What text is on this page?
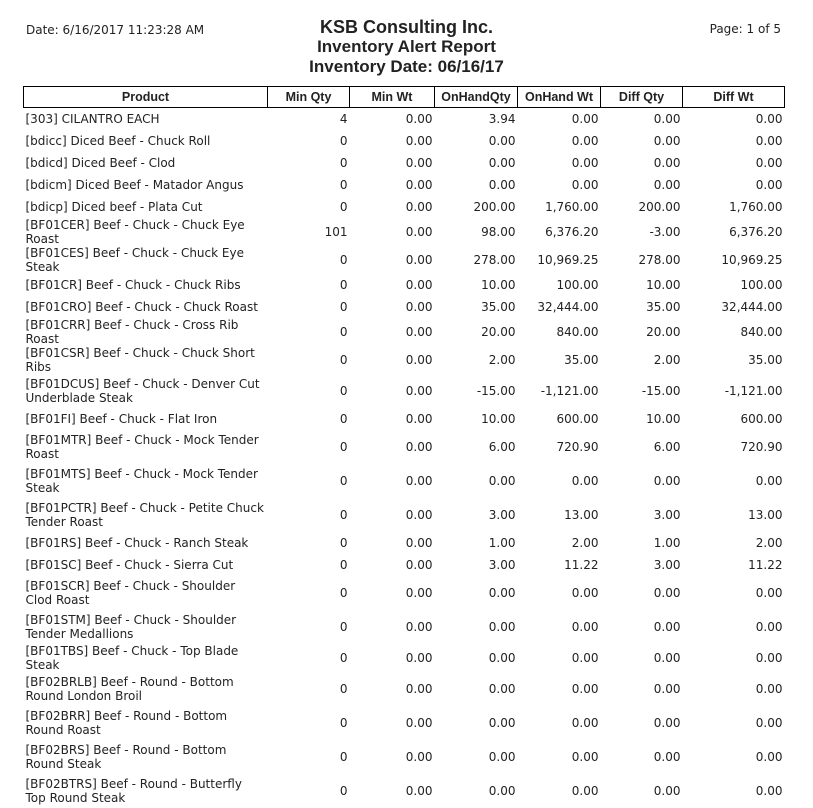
Date: 6/16/2017 11:23:28 AM	Page: 1 of 5
KSB Consulting Inc.
Inventory Alert Report
Inventory Date: 06/16/17
Product	Min Qty	Min Wt	OnHandQty	OnHand Wt	Diff Qty	Diff Wt
[303] CILANTRO EACH	4	0.00	3.94	0.00	0.00	0.00
[bdicc] Diced Beef - Chuck Roll	0	0.00	0.00	0.00	0.00	0.00
[bdicd] Diced Beef - Clod	0	0.00	0.00	0.00	0.00	0.00
[bdicm] Diced Beef - Matador Angus	0	0.00	0.00	0.00	0.00	0.00
[bdicp] Diced beef - Plata Cut	0	0.00	200.00	1,760.00	200.00	1,760.00
[BF01CER] Beef - Chuck - Chuck Eye Roast	101	0.00	98.00	6,376.20	-3.00	6,376.20
[BF01CES] Beef - Chuck - Chuck Eye Steak	0	0.00	278.00	10,969.25	278.00	10,969.25
[BF01CR] Beef - Chuck - Chuck Ribs	0	0.00	10.00	100.00	10.00	100.00
[BF01CRO] Beef - Chuck - Chuck Roast	0	0.00	35.00	32,444.00	35.00	32,444.00
[BF01CRR] Beef - Chuck - Cross Rib Roast	0	0.00	20.00	840.00	20.00	840.00
[BF01CSR] Beef - Chuck - Chuck Short Ribs	0	0.00	2.00	35.00	2.00	35.00
[BF01DCUS] Beef - Chuck - Denver Cut Underblade Steak	0	0.00	-15.00	-1,121.00	-15.00	-1,121.00
[BF01FI] Beef - Chuck - Flat Iron	0	0.00	10.00	600.00	10.00	600.00
[BF01MTR] Beef - Chuck - Mock Tender Roast	0	0.00	6.00	720.90	6.00	720.90
[BF01MTS] Beef - Chuck - Mock Tender Steak	0	0.00	0.00	0.00	0.00	0.00
[BF01PCTR] Beef - Chuck - Petite Chuck Tender Roast	0	0.00	3.00	13.00	3.00	13.00
[BF01RS] Beef - Chuck - Ranch Steak	0	0.00	1.00	2.00	1.00	2.00
[BF01SC] Beef - Chuck - Sierra Cut	0	0.00	3.00	11.22	3.00	11.22
[BF01SCR] Beef - Chuck - Shoulder Clod Roast	0	0.00	0.00	0.00	0.00	0.00
[BF01STM] Beef - Chuck - Shoulder Tender Medallions	0	0.00	0.00	0.00	0.00	0.00
[BF01TBS] Beef - Chuck - Top Blade Steak	0	0.00	0.00	0.00	0.00	0.00
[BF02BRLB] Beef - Round - Bottom Round London Broil	0	0.00	0.00	0.00	0.00	0.00
[BF02BRR] Beef - Round - Bottom Round Roast	0	0.00	0.00	0.00	0.00	0.00
[BF02BRS] Beef - Round - Bottom Round Steak	0	0.00	0.00	0.00	0.00	0.00
[BF02BTRS] Beef - Round - Butterfly Top Round Steak	0	0.00	0.00	0.00	0.00	0.00
